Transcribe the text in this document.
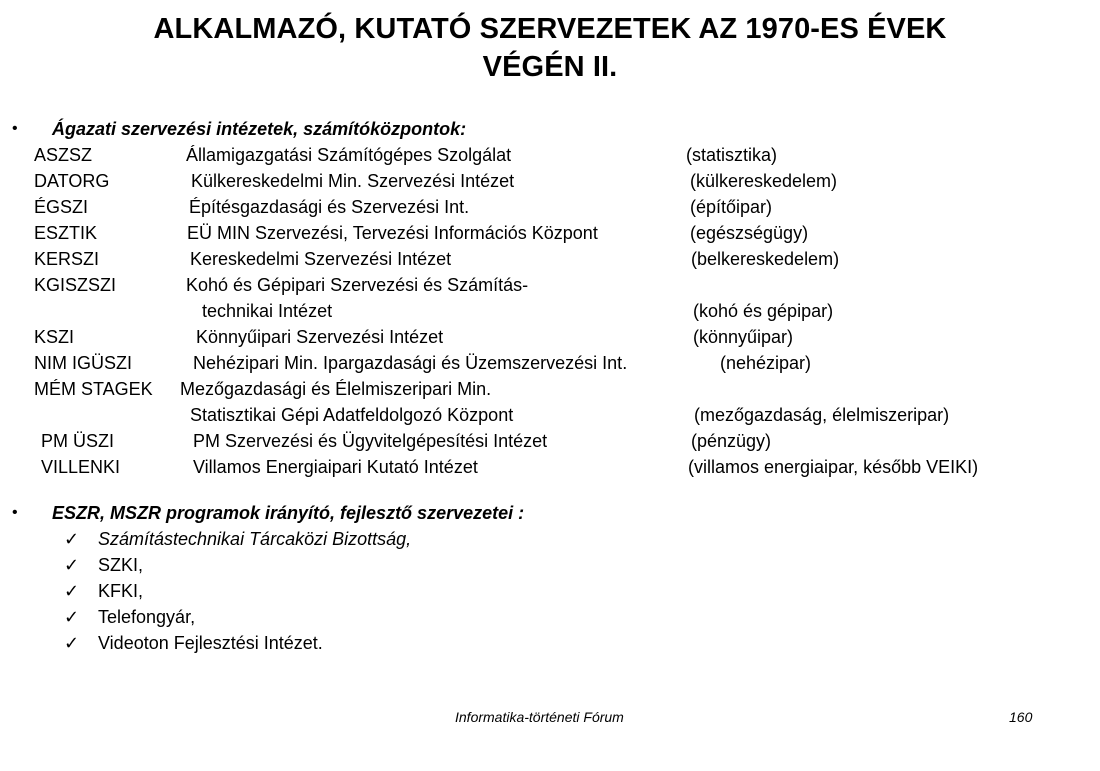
ALKALMAZÓ, KUTATÓ SZERVEZETEK AZ 1970-ES ÉVEK
VÉGÉN II.
• Ágazati szervezési intézetek, számítóközpontok:
ASZSZ	Államigazgatási Számítógépes Szolgálat	(statisztika)
DATORG	Külkereskedelmi Min. Szervezési Intézet	(külkereskedelem)
ÉGSZI	Építésgazdasági és Szervezési Int.	(építőipar)
ESZTIK	EÜ MIN Szervezési, Tervezési Információs Központ	(egészségügy)
KERSZI	Kereskedelmi Szervezési Intézet	(belkereskedelem)
KGISZSZI	Kohó és Gépipari Szervezési és Számítás-
technikai Intézet	(kohó és gépipar)
KSZI	Könnyűipari Szervezési Intézet	(könnyűipar)
NIM IGÜSZI	Nehézipari Min. Ipargazdasági és Üzemszervezési Int.	(nehézipar)
MÉM STAGEK Mezőgazdasági és Élelmiszeripari Min.
Statisztikai Gépi Adatfeldolgozó Központ	(mezőgazdaság, élelmiszeripar)
PM ÜSZI	PM Szervezési és Ügyvitelgépesítési Intézet	(pénzügy)
VILLENKI	Villamos Energiaipari Kutató Intézet	(villamos energiaipar, később VEIKI)
• ESZR, MSZR programok irányító, fejlesztő szervezetei :
✓ Számítástechnikai Tárcaközi Bizottság,
✓ SZKI,
✓ KFKI,
✓ Telefongyár,
✓ Videoton Fejlesztési Intézet.
Informatika-történeti Fórum	160
